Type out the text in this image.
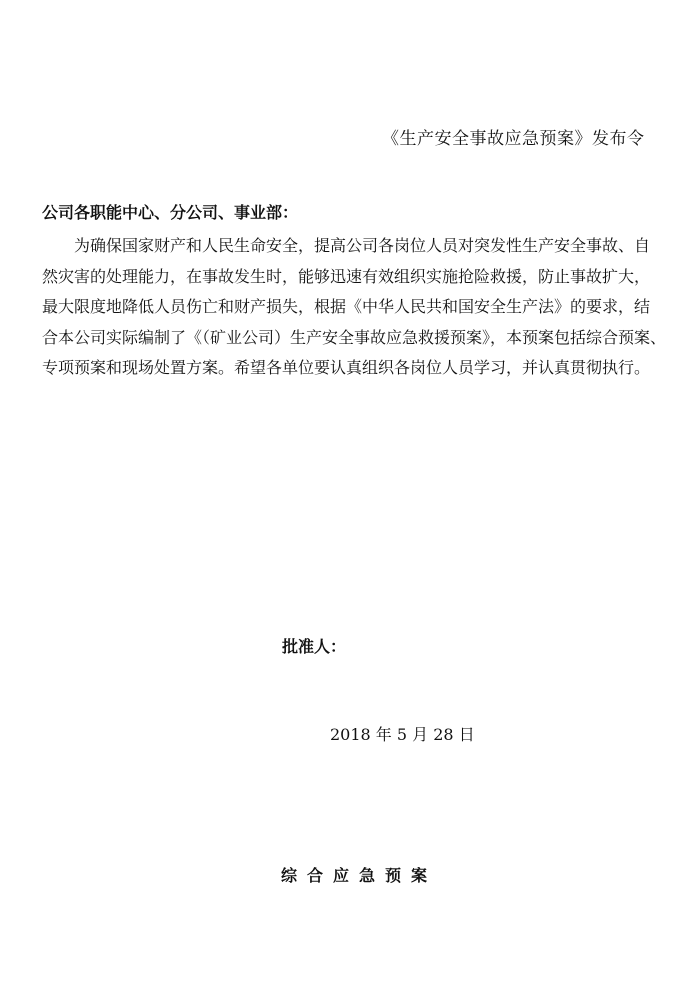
《生产安全事故应急预案》发布令
公司各职能中心、分公司、事业部：
为确保国家财产和人民生命安全，提高公司各岗位人员对突发性生产安全事故、自
然灾害的处理能力，在事故发生时，能够迅速有效组织实施抢险救援，防止事故扩大，
最大限度地降低人员伤亡和财产损失，根据《中华人民共和国安全生产法》的要求，结
合本公司实际编制了《（矿业公司）生产安全事故应急救援预案》，本预案包括综合预案、
专项预案和现场处置方案。希望各单位要认真组织各岗位人员学习，并认真贯彻执行。
批准人：
2018 年 5 月 28 日
综合应急预案
